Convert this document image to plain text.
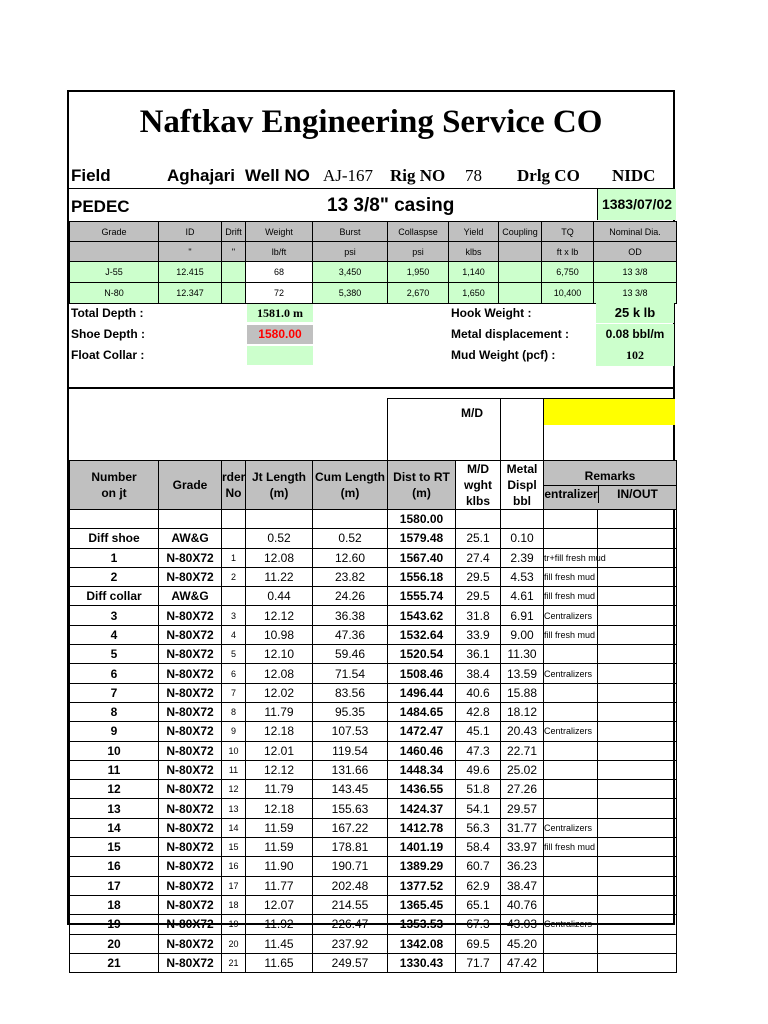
Naftkav Engineering Service CO
Field	Aghajari Well NO AJ-167 Rig NO 78 Drlg CO NIDC
PEDEC	13 3/8" casing	1383/07/02
Grade	ID	Drift	Weight	Burst	Collaspse	Yield	Coupling	TQ	Nominal Dia.
	"	"	lb/ft	psi	psi	klbs		ft x lb	OD
J-55	12.415		68	3,450	1,950	1,140		6,750	13 3/8
N-80	12.347		72	5,380	2,670	1,650		10,400	13 3/8
Total Depth :	1581.0 m
Shoe Depth :	1580.00
Float Collar :
Hook Weight :	25 k lb
Metal displacement :	0.08 bbl/m
Mud Weight (pcf) :	102
M/D
Number on jt	Grade	rder No	Jt Length (m)	Cum Length (m)	Dist to RT (m)	M/D wght klbs	Metal Displ bbl	Remarks
entralizer IN/OUT	

					1580.00				
Diff shoe	AW&G		0.52	0.52	1579.48	25.1	0.10		
1	N-80X72	1	12.08	12.60	1567.40	27.4	2.39	tr+fill fresh mud	
2	N-80X72	2	11.22	23.82	1556.18	29.5	4.53	fill fresh mud	
Diff collar	AW&G		0.44	24.26	1555.74	29.5	4.61	fill fresh mud	
3	N-80X72	3	12.12	36.38	1543.62	31.8	6.91	Centralizers	
4	N-80X72	4	10.98	47.36	1532.64	33.9	9.00	fill fresh mud	
5	N-80X72	5	12.10	59.46	1520.54	36.1	11.30		
6	N-80X72	6	12.08	71.54	1508.46	38.4	13.59	Centralizers	
7	N-80X72	7	12.02	83.56	1496.44	40.6	15.88		
8	N-80X72	8	11.79	95.35	1484.65	42.8	18.12		
9	N-80X72	9	12.18	107.53	1472.47	45.1	20.43	Centralizers	
10	N-80X72	10	12.01	119.54	1460.46	47.3	22.71		
11	N-80X72	11	12.12	131.66	1448.34	49.6	25.02		
12	N-80X72	12	11.79	143.45	1436.55	51.8	27.26		
13	N-80X72	13	12.18	155.63	1424.37	54.1	29.57		
14	N-80X72	14	11.59	167.22	1412.78	56.3	31.77	Centralizers	
15	N-80X72	15	11.59	178.81	1401.19	58.4	33.97	fill fresh mud	
16	N-80X72	16	11.90	190.71	1389.29	60.7	36.23		
17	N-80X72	17	11.77	202.48	1377.52	62.9	38.47		
18	N-80X72	18	12.07	214.55	1365.45	65.1	40.76		
19	N-80X72	19	11.92	226.47	1353.53	67.3	43.03	Centralizers	
20	N-80X72	20	11.45	237.92	1342.08	69.5	45.20		
21	N-80X72	21	11.65	249.57	1330.43	71.7	47.42		
